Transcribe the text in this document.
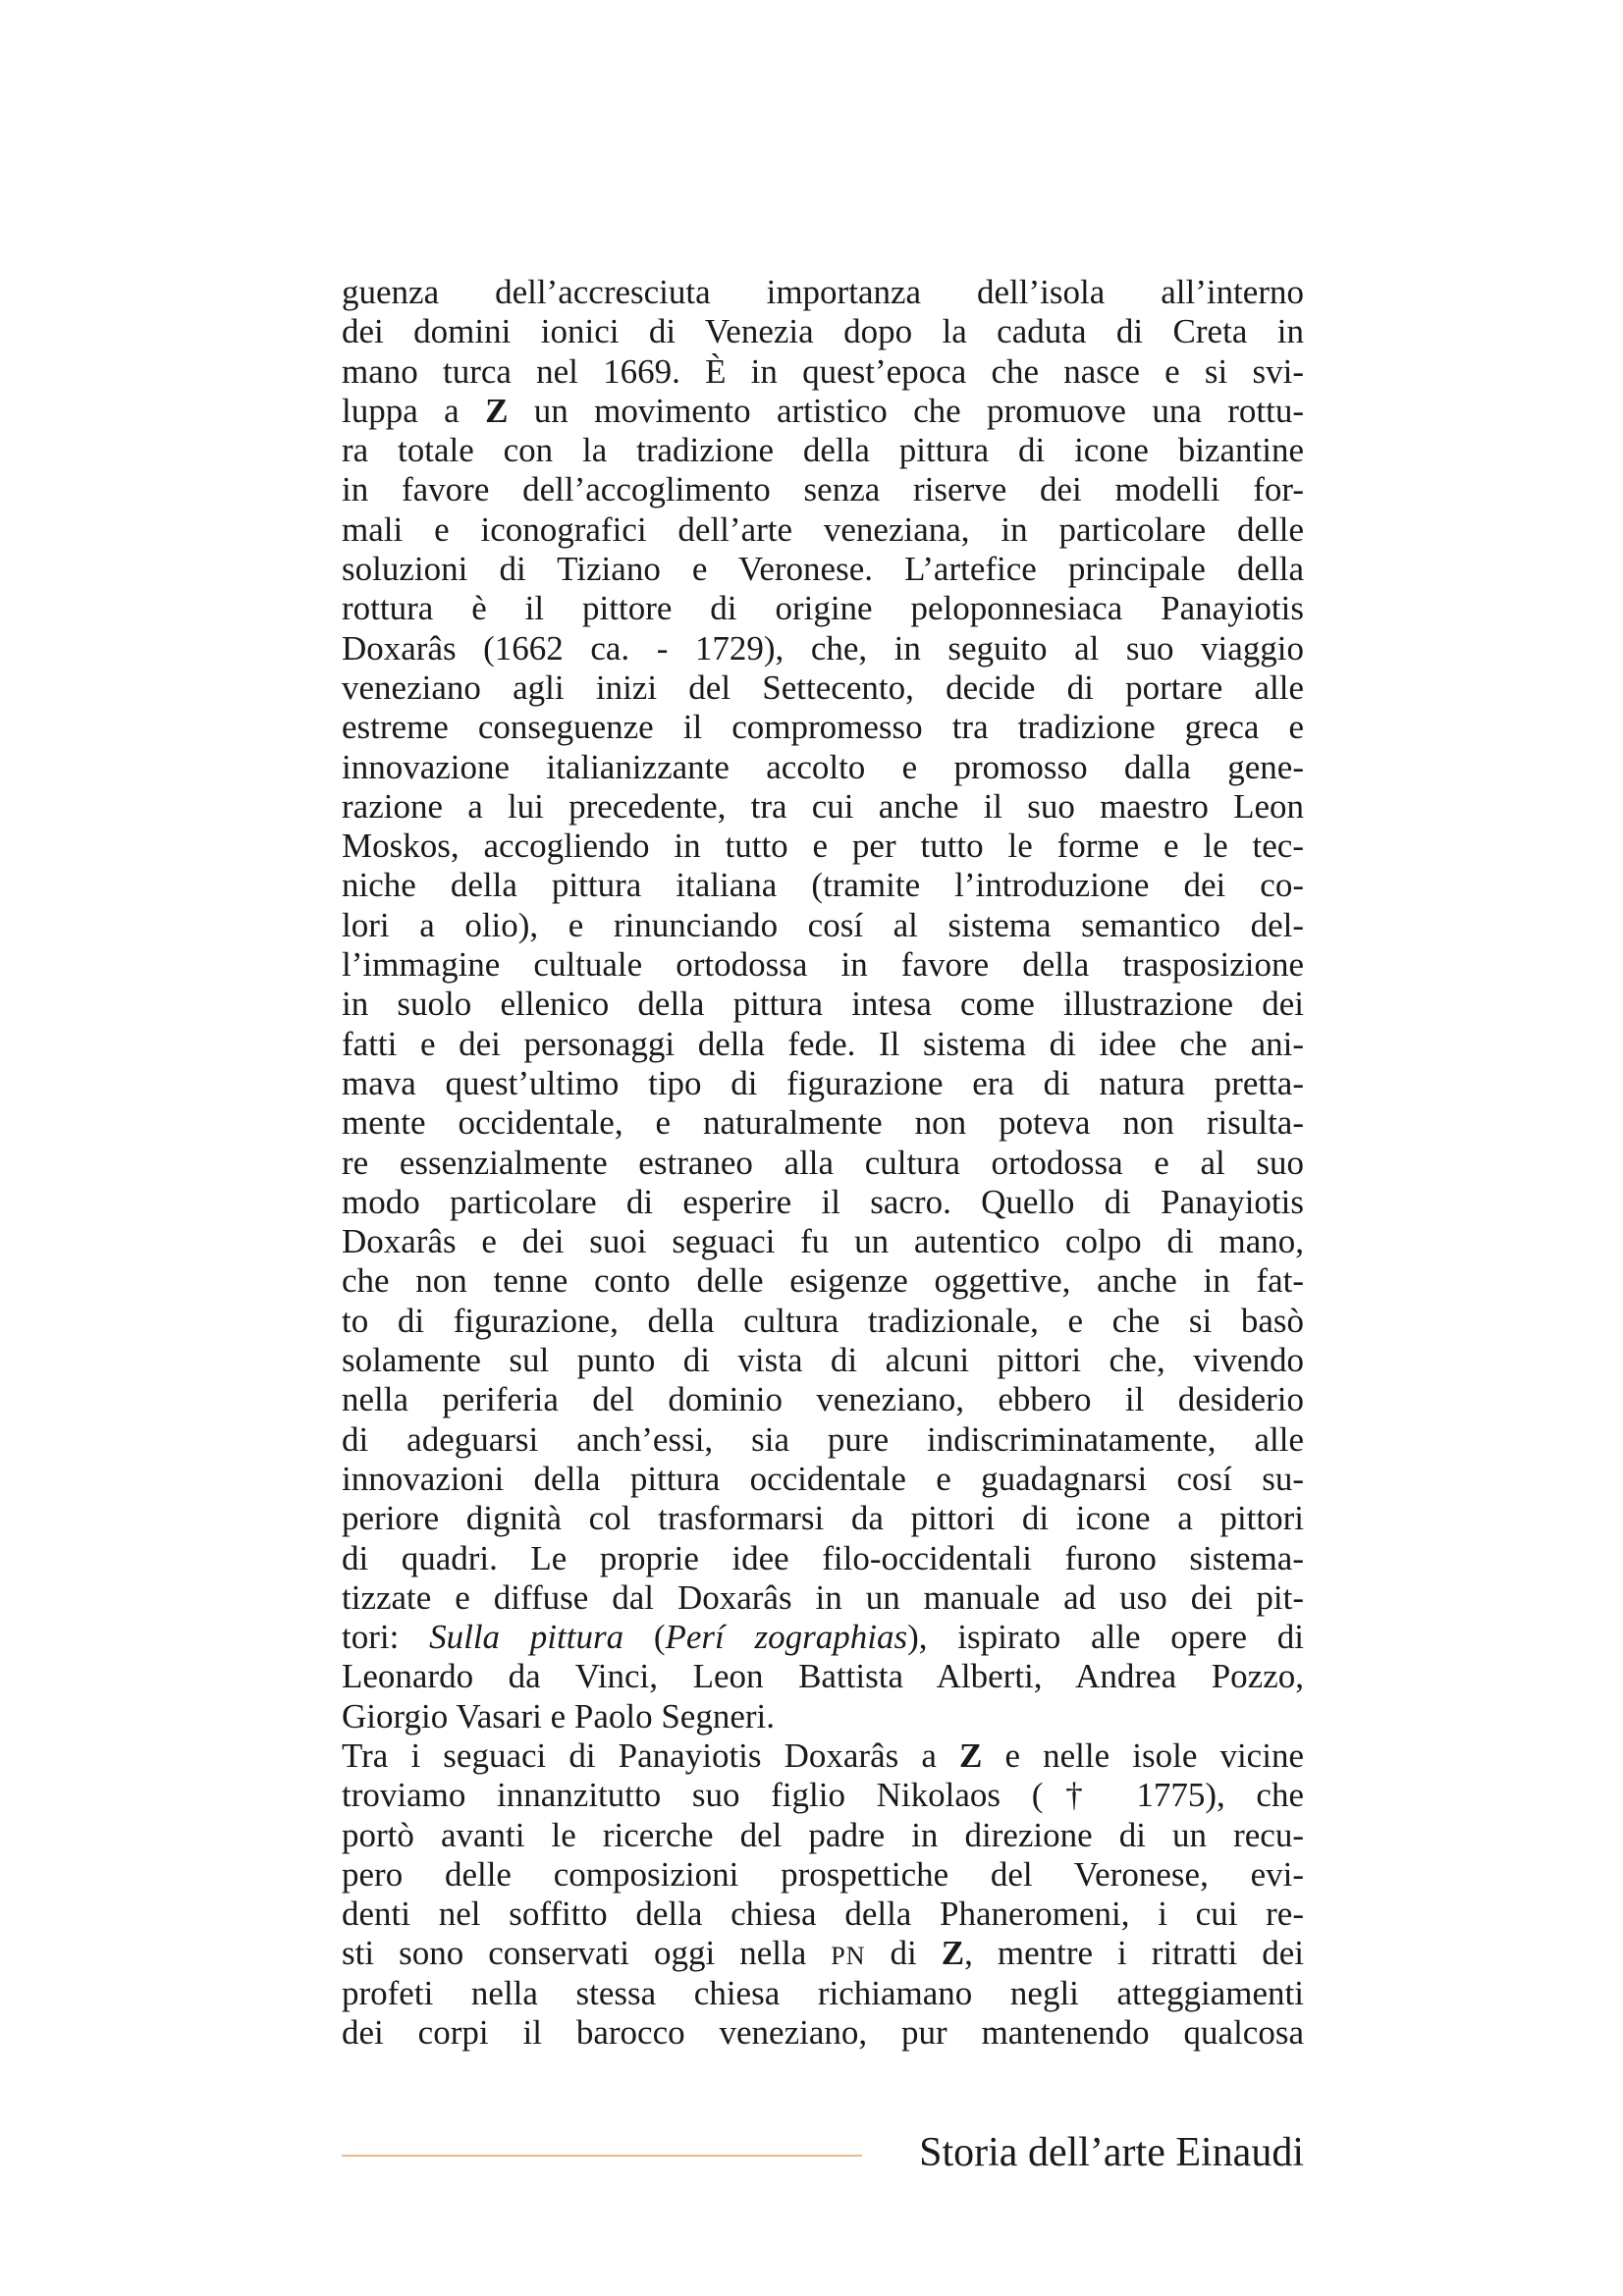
guenza dell’accresciuta importanza dell’isola all’interno
dei domini ionici di Venezia dopo la caduta di Creta in
mano turca nel 1669. È in quest’epoca che nasce e si svi-
luppa a Z un movimento artistico che promuove una rottu-
ra totale con la tradizione della pittura di icone bizantine
in favore dell’accoglimento senza riserve dei modelli for-
mali e iconografici dell’arte veneziana, in particolare delle
soluzioni di Tiziano e Veronese. L’artefice principale della
rottura è il pittore di origine peloponnesiaca Panayiotis
Doxarâs (1662 ca. - 1729), che, in seguito al suo viaggio
veneziano agli inizi del Settecento, decide di portare alle
estreme conseguenze il compromesso tra tradizione greca e
innovazione italianizzante accolto e promosso dalla gene-
razione a lui precedente, tra cui anche il suo maestro Leon
Moskos, accogliendo in tutto e per tutto le forme e le tec-
niche della pittura italiana (tramite l’introduzione dei co-
lori a olio), e rinunciando cosí al sistema semantico del-
l’immagine cultuale ortodossa in favore della trasposizione
in suolo ellenico della pittura intesa come illustrazione dei
fatti e dei personaggi della fede. Il sistema di idee che ani-
mava quest’ultimo tipo di figurazione era di natura pretta-
mente occidentale, e naturalmente non poteva non risulta-
re essenzialmente estraneo alla cultura ortodossa e al suo
modo particolare di esperire il sacro. Quello di Panayiotis
Doxarâs e dei suoi seguaci fu un autentico colpo di mano,
che non tenne conto delle esigenze oggettive, anche in fat-
to di figurazione, della cultura tradizionale, e che si basò
solamente sul punto di vista di alcuni pittori che, vivendo
nella periferia del dominio veneziano, ebbero il desiderio
di adeguarsi anch’essi, sia pure indiscriminatamente, alle
innovazioni della pittura occidentale e guadagnarsi cosí su-
periore dignità col trasformarsi da pittori di icone a pittori
di quadri. Le proprie idee filo-occidentali furono sistema-
tizzate e diffuse dal Doxarâs in un manuale ad uso dei pit-
tori: Sulla pittura (Perí zographias), ispirato alle opere di
Leonardo da Vinci, Leon Battista Alberti, Andrea Pozzo,
Giorgio Vasari e Paolo Segneri.
Tra i seguaci di Panayiotis Doxarâs a Z e nelle isole vicine
troviamo innanzitutto suo figlio Nikolaos († 1775), che
portò avanti le ricerche del padre in direzione di un recu-
pero delle composizioni prospettiche del Veronese, evi-
denti nel soffitto della chiesa della Phaneromeni, i cui re-
sti sono conservati oggi nella PN di Z, mentre i ritratti dei
profeti nella stessa chiesa richiamano negli atteggiamenti
dei corpi il barocco veneziano, pur mantenendo qualcosa
Storia dell’arte Einaudi
